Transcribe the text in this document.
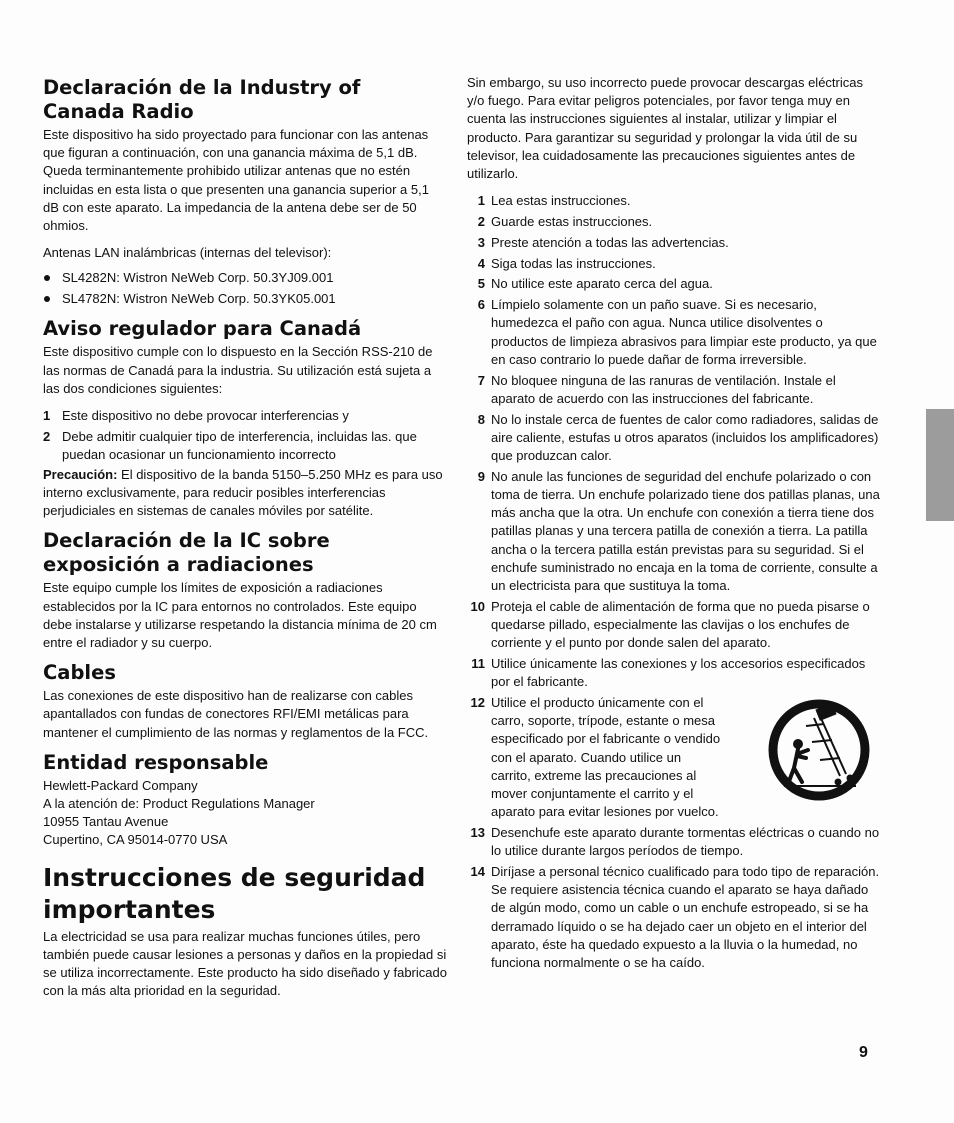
Declaración de la Industry of Canada Radio

Este dispositivo ha sido proyectado para funcionar con las antenas que figuran a continuación, con una ganancia máxima de 5,1 dB. Queda terminantemente prohibido utilizar antenas que no estén incluidas en esta lista o que presenten una ganancia superior a 5,1 dB con este aparato. La impedancia de la antena debe ser de 50 ohmios.

Antenas LAN inalámbricas (internas del televisor):

SL4282N: Wistron NeWeb Corp. 50.3YJ09.001
SL4782N: Wistron NeWeb Corp. 50.3YK05.001
Aviso regulador para Canadá

Este dispositivo cumple con lo dispuesto en la Sección RSS-210 de las normas de Canadá para la industria. Su utilización está sujeta a las dos condiciones siguientes:

1 Este dispositivo no debe provocar interferencias y
2 Debe admitir cualquier tipo de interferencia, incluidas las. que puedan ocasionar un funcionamiento incorrecto

Precaución: El dispositivo de la banda 5150–5.250 MHz es para uso interno exclusivamente, para reducir posibles interferencias perjudiciales en sistemas de canales móviles por satélite.

Declaración de la IC sobre exposición a radiaciones

Este equipo cumple los límites de exposición a radiaciones establecidos por la IC para entornos no controlados. Este equipo debe instalarse y utilizarse respetando la distancia mínima de 20 cm entre el radiador y su cuerpo.

Cables

Las conexiones de este dispositivo han de realizarse con cables apantallados con fundas de conectores RFI/EMI metálicas para mantener el cumplimiento de las normas y reglamentos de la FCC.

Entidad responsable

Hewlett-Packard Company

A la atención de: Product Regulations Manager

10955 Tantau Avenue

Cupertino, CA 95014-0770 USA

Instrucciones de seguridad importantes

La electricidad se usa para realizar muchas funciones útiles, pero también puede causar lesiones a personas y daños en la propiedad si se utiliza incorrectamente. Este producto ha sido diseñado y fabricado con la más alta prioridad en la seguridad.

Sin embargo, su uso incorrecto puede provocar descargas eléctricas y/o fuego. Para evitar peligros potenciales, por favor tenga muy en cuenta las instrucciones siguientes al instalar, utilizar y limpiar el producto. Para garantizar su seguridad y prolongar la vida útil de su televisor, lea cuidadosamente las precauciones siguientes antes de utilizarlo.

1 Lea estas instrucciones.
2 Guarde estas instrucciones.
3 Preste atención a todas las advertencias.
4 Siga todas las instrucciones.
5 No utilice este aparato cerca del agua.
6 Límpielo solamente con un paño suave. Si es necesario, humedezca el paño con agua. Nunca utilice disolventes o productos de limpieza abrasivos para limpiar este producto, ya que en caso contrario lo puede dañar de forma irreversible.
7 No bloquee ninguna de las ranuras de ventilación. Instale el aparato de acuerdo con las instrucciones del fabricante.
8 No lo instale cerca de fuentes de calor como radiadores, salidas de aire caliente, estufas u otros aparatos (incluidos los amplificadores) que produzcan calor.
9 No anule las funciones de seguridad del enchufe polarizado o con toma de tierra. Un enchufe polarizado tiene dos patillas planas, una más ancha que la otra. Un enchufe con conexión a tierra tiene dos patillas planas y una tercera patilla de conexión a tierra. La patilla ancha o la tercera patilla están previstas para su seguridad. Si el enchufe suministrado no encaja en la toma de corriente, consulte a un electricista para que sustituya la toma.
10 Proteja el cable de alimentación de forma que no pueda pisarse o quedarse pillado, especialmente las clavijas o los enchufes de corriente y el punto por donde salen del aparato.
11 Utilice únicamente las conexiones y los accesorios especificados por el fabricante.
12 Utilice el producto únicamente con el carro, soporte, trípode, estante o mesa especificado por el fabricante o vendido con el aparato. Cuando utilice un carrito, extreme las precauciones al mover conjuntamente el carrito y el aparato para evitar lesiones por vuelco.
13 Desenchufe este aparato durante tormentas eléctricas o cuando no lo utilice durante largos períodos de tiempo.
14 Diríjase a personal técnico cualificado para todo tipo de reparación. Se requiere asistencia técnica cuando el aparato se haya dañado de algún modo, como un cable o un enchufe estropeado, si se ha derramado líquido o se ha dejado caer un objeto en el interior del aparato, éste ha quedado expuesto a la lluvia o la humedad, no funciona normalmente o se ha caído.
9
